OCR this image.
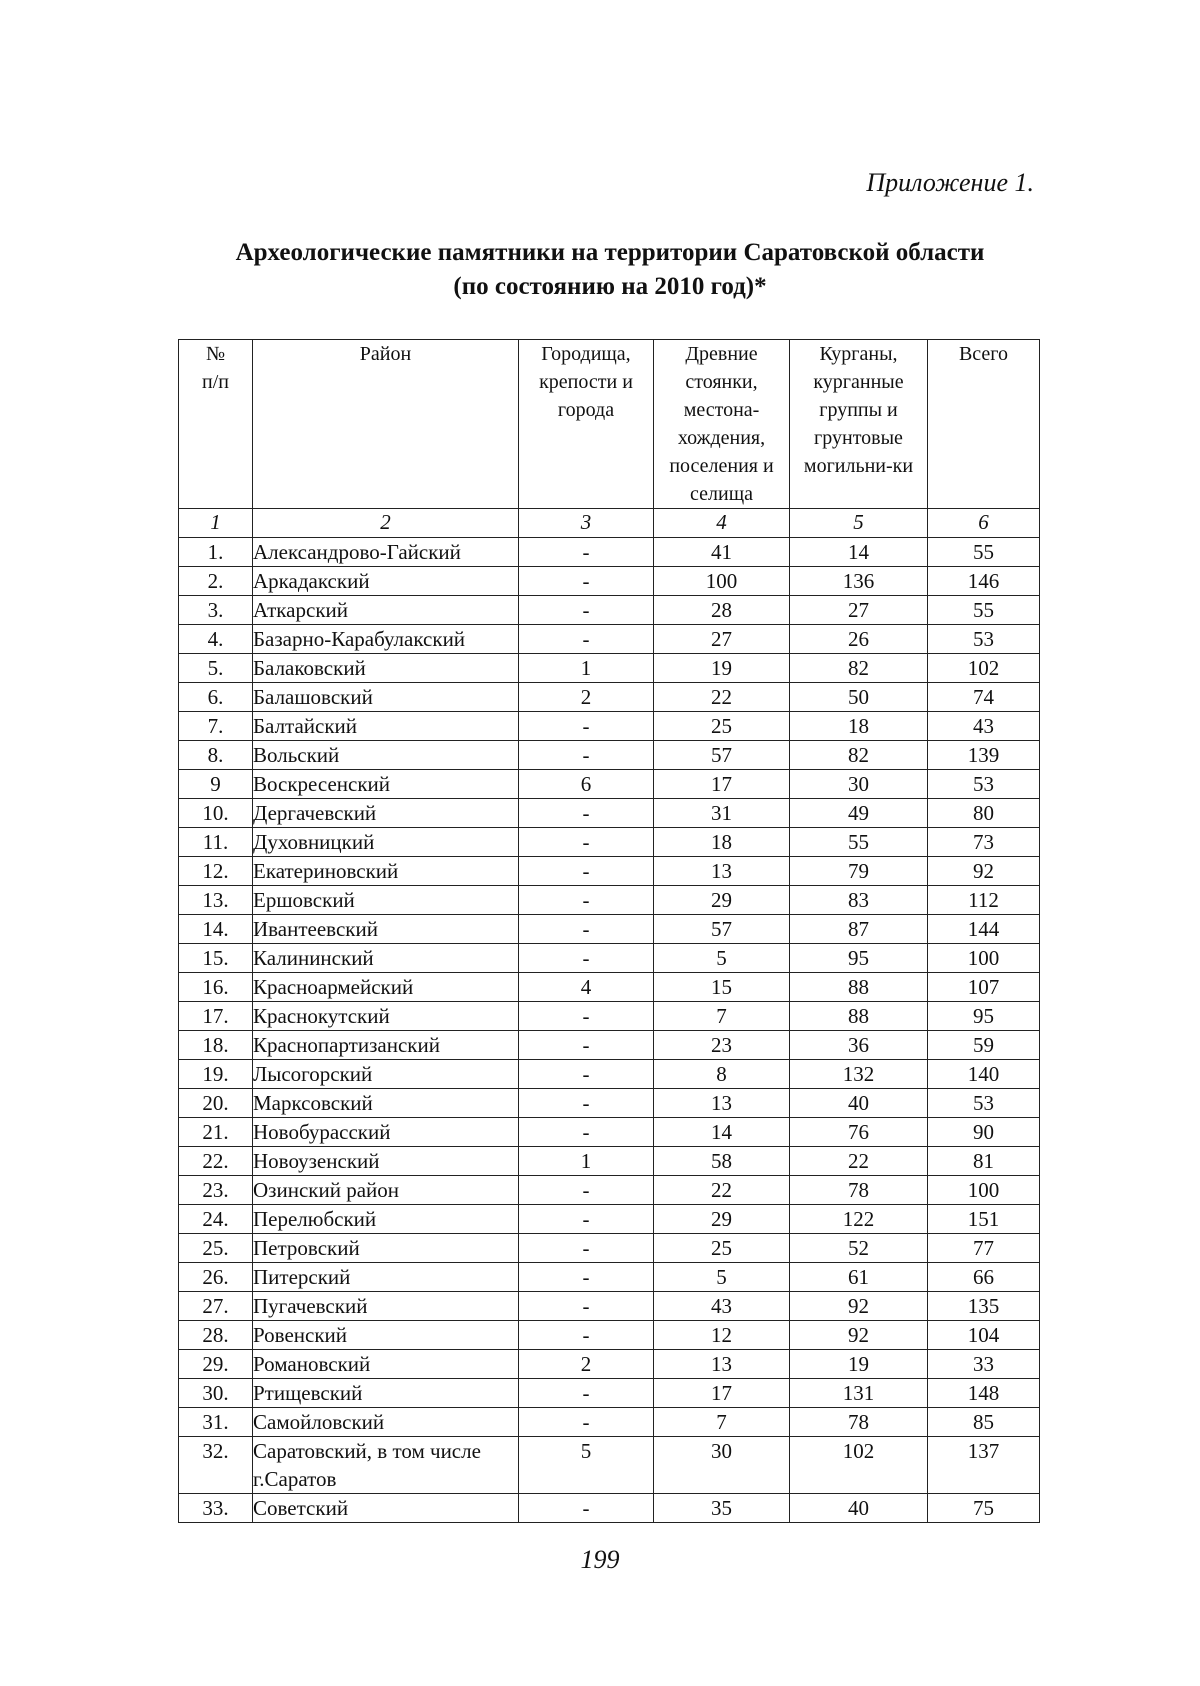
Приложение 1.
Археологические памятники на территории Саратовской области
(по состоянию на 2010 год)*
№ п/п	Район	Городища, крепости и города	Древние стоянки, местона-хождения, поселения и селища	Курганы, курганные группы и грунтовые могильни-ки	Всего

1	2	3	4	5	6
1.	Александрово-Гайский	-	41	14	55
2.	Аркадакский	-	100	136	146
3.	Аткарский	-	28	27	55
4.	Базарно-Карабулакский	-	27	26	53
5.	Балаковский	1	19	82	102
6.	Балашовский	2	22	50	74
7.	Балтайский	-	25	18	43
8.	Вольский	-	57	82	139
9	Воскресенский	6	17	30	53
10.	Дергачевский	-	31	49	80
11.	Духовницкий	-	18	55	73
12.	Екатериновский	-	13	79	92
13.	Ершовский	-	29	83	112
14.	Ивантеевский	-	57	87	144
15.	Калининский	-	5	95	100
16.	Красноармейский	4	15	88	107
17.	Краснокутский	-	7	88	95
18.	Краснопартизанский	-	23	36	59
19.	Лысогорский	-	8	132	140
20.	Марксовский	-	13	40	53
21.	Новобурасский	-	14	76	90
22.	Новоузенский	1	58	22	81
23.	Озинский район	-	22	78	100
24.	Перелюбский	-	29	122	151
25.	Петровский	-	25	52	77
26.	Питерский	-	5	61	66
27.	Пугачевский	-	43	92	135
28.	Ровенский	-	12	92	104
29.	Романовский	2	13	19	33
30.	Ртищевский	-	17	131	148
31.	Самойловский	-	7	78	85
32.	Саратовский, в том числе г.Саратов	5	30	102	137
33.	Советский	-	35	40	75
199
